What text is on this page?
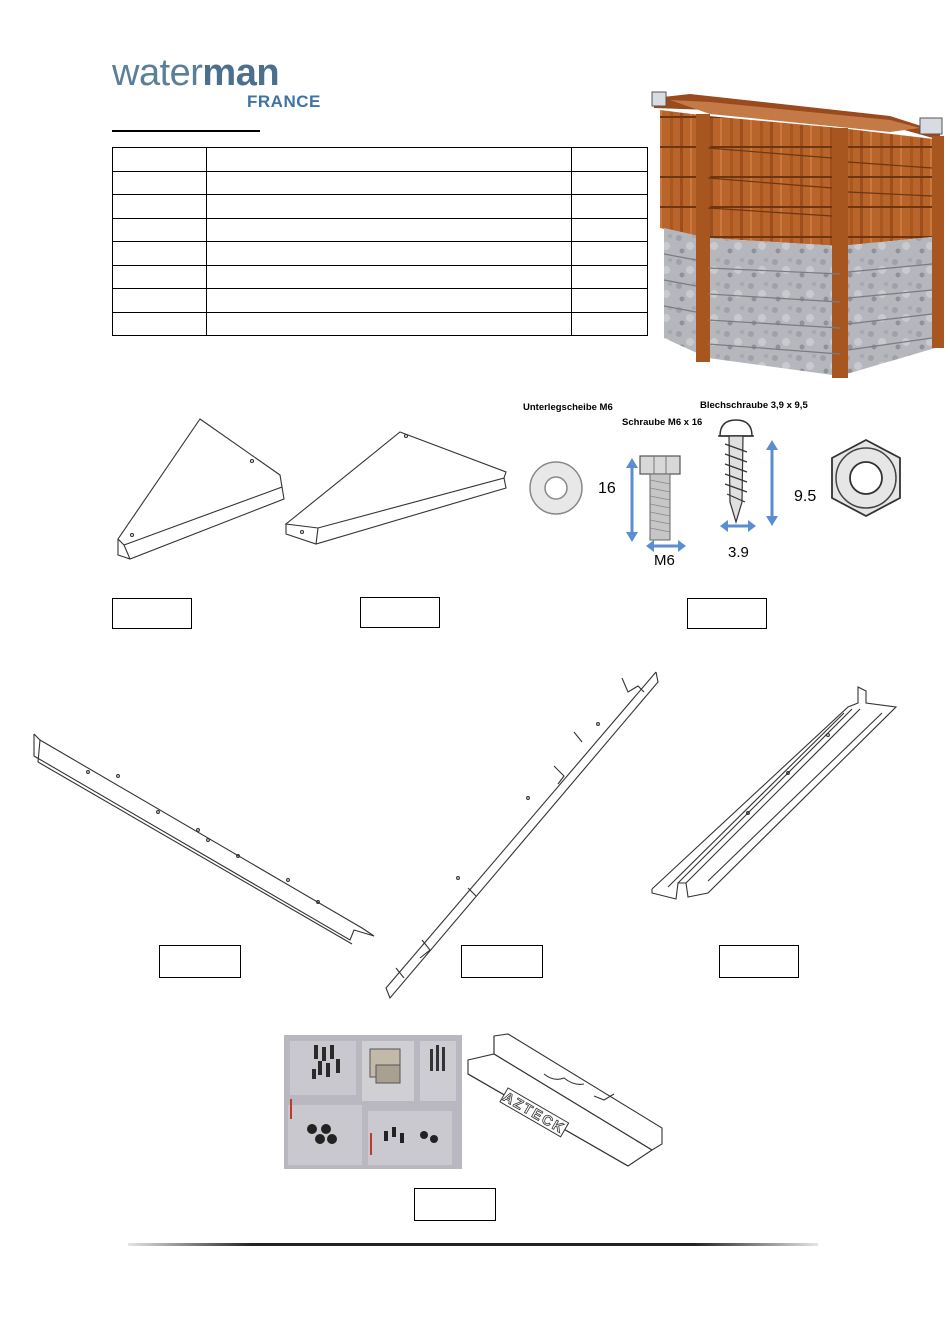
waterman
FRANCE

Unterlegscheibe M6
Schraube M6 x 16
Blechschraube 3,9 x 9,5
16
M6
9.5
3.9
AZTECK
